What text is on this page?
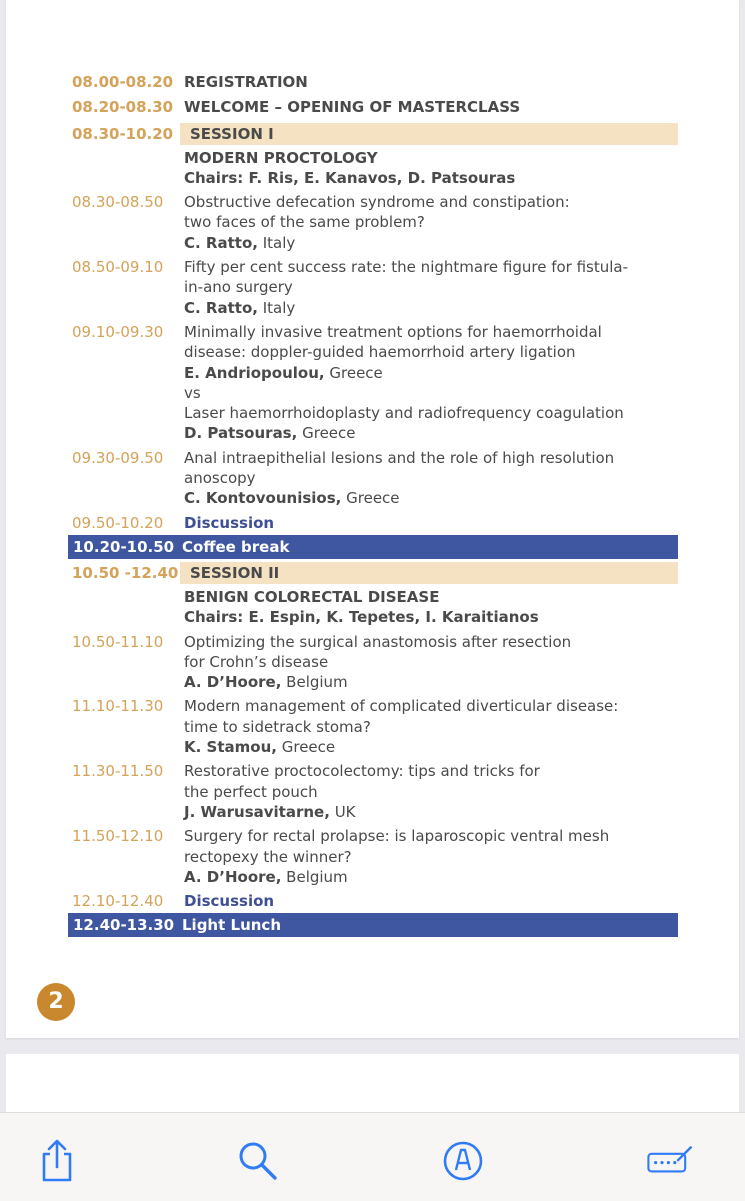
08.00-08.20 REGISTRATION
08.20-08.30 WELCOME – OPENING OF MASTERCLASS
08.30-10.20	SESSION I
MODERN PROCTOLOGY
Chairs: F. Ris, E. Kanavos, D. Patsouras
08.30-08.50	Obstructive defecation syndrome and constipation:
two faces of the same problem?
C. Ratto, Italy
08.50-09.10	Fifty per cent success rate: the nightmare figure for fistula-
in-ano surgery
C. Ratto, Italy
09.10-09.30	Minimally invasive treatment options for haemorrhoidal
disease: doppler-guided haemorrhoid artery ligation
E. Andriopoulou, Greece
vs
Laser haemorrhoidoplasty and radiofrequency coagulation
D. Patsouras, Greece
09.30-09.50	Anal intraepithelial lesions and the role of high resolution
anoscopy
C. Kontovounisios, Greece
09.50-10.20	Discussion
10.20-10.50 Coffee break
10.50 -12.40 SESSION II
BENIGN COLORECTAL DISEASE
Chairs: E. Espin, K. Tepetes, I. Karaitianos
10.50-11.10	Optimizing the surgical anastomosis after resection
for Crohn’s disease
A. D’Hoore, Belgium
11.10-11.30	Modern management of complicated diverticular disease:
time to sidetrack stoma?
K. Stamou, Greece
11.30-11.50	Restorative proctocolectomy: tips and tricks for
the perfect pouch
J. Warusavitarne, UK
11.50-12.10	Surgery for rectal prolapse: is laparoscopic ventral mesh
rectopexy the winner?
A. D’Hoore, Belgium
12.10-12.40	Discussion
12.40-13.30 Light Lunch
2
